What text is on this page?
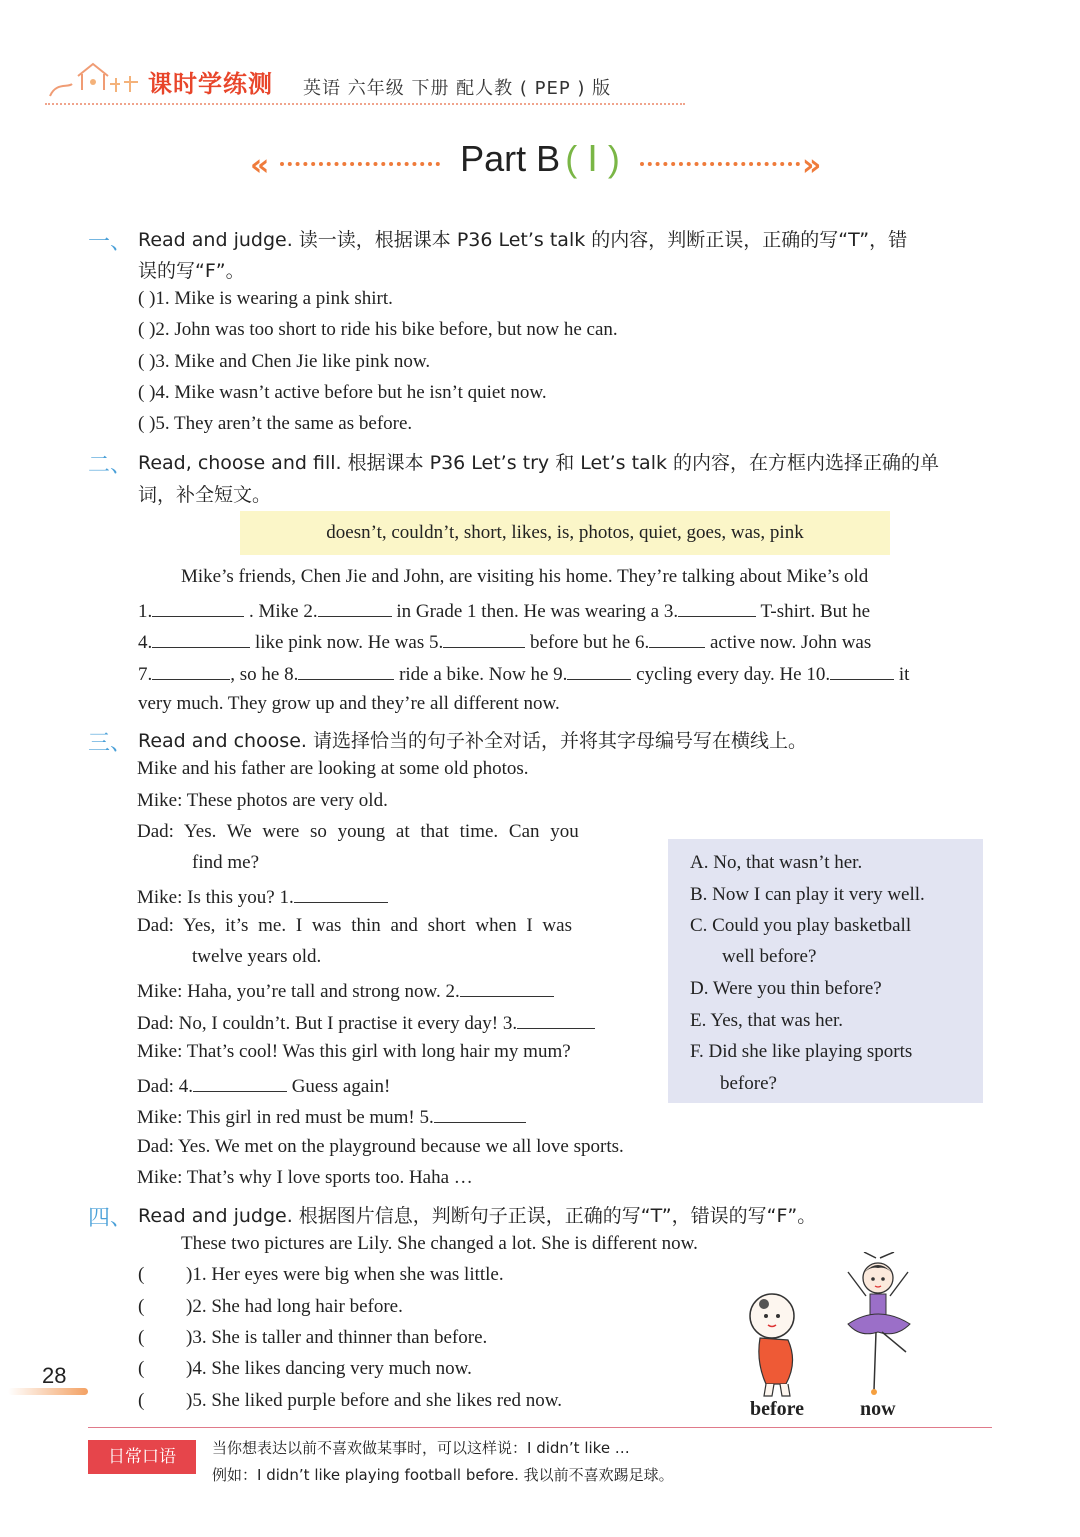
课时学练测 英语 六年级 下册 配人教 ( PEP ) 版
«	Part B ( Ⅰ )	»
一、 Read and judge. 读一读，根据课本 P36 Let’s talk 的内容，判断正误，正确的写“T”，错
误的写“F”。
( )1. Mike is wearing a pink shirt.
( )2. John was too short to ride his bike before, but now he can.
( )3. Mike and Chen Jie like pink now.
( )4. Mike wasn’t active before but he isn’t quiet now.
( )5. They aren’t the same as before.
二、 Read, choose and fill. 根据课本 P36 Let’s try 和 Let’s talk 的内容，在方框内选择正确的单
词，补全短文。
doesn’t, couldn’t, short, likes, is, photos, quiet, goes, was, pink
Mike’s friends, Chen Jie and John, are visiting his home. They’re talking about Mike’s old
1.	. Mike 2.	in Grade 1 then. He was wearing a 3.	T-shirt. But he
4.	like pink now. He was 5.	before but he 6.	active now. John was
7.	, so he 8.	ride a bike. Now he 9.	cycling every day. He 10.	it
very much. They grow up and they’re all different now.
三、 Read and choose. 请选择恰当的句子补全对话，并将其字母编号写在横线上。
Mike and his father are looking at some old photos.
Mike: These photos are very old.
Dad: Yes. We were so young at that time. Can you
find me?
Mike: Is this you? 1.
Dad: Yes, it’s me. I was thin and short when I was
twelve years old.
Mike: Haha, you’re tall and strong now. 2.
Dad: No, I couldn’t. But I practise it every day! 3.
Mike: That’s cool! Was this girl with long hair my mum?
Dad: 4.	Guess again!
Mike: This girl in red must be mum! 5.
Dad: Yes. We met on the playground because we all love sports.
Mike: That’s why I love sports too. Haha …
A. No, that wasn’t her.
B. Now I can play it very well.
C. Could you play basketball
well before?
D. Were you thin before?
E. Yes, that was her.
F. Did she like playing sports
before?
四、 Read and judge. 根据图片信息，判断句子正误，正确的写“T”，错误的写“F”。
These two pictures are Lily. She changed a lot. She is different now.
( )1. Her eyes were big when she was little.
( )2. She had long hair before.
( )3. She is taller and thinner than before.
( )4. She likes dancing very much now.
( )5. She liked purple before and she likes red now.	before	now
28
日常口语	当你想表达以前不喜欢做某事时，可以这样说：I didn’t like …
例如：I didn’t like playing football before. 我以前不喜欢踢足球。
